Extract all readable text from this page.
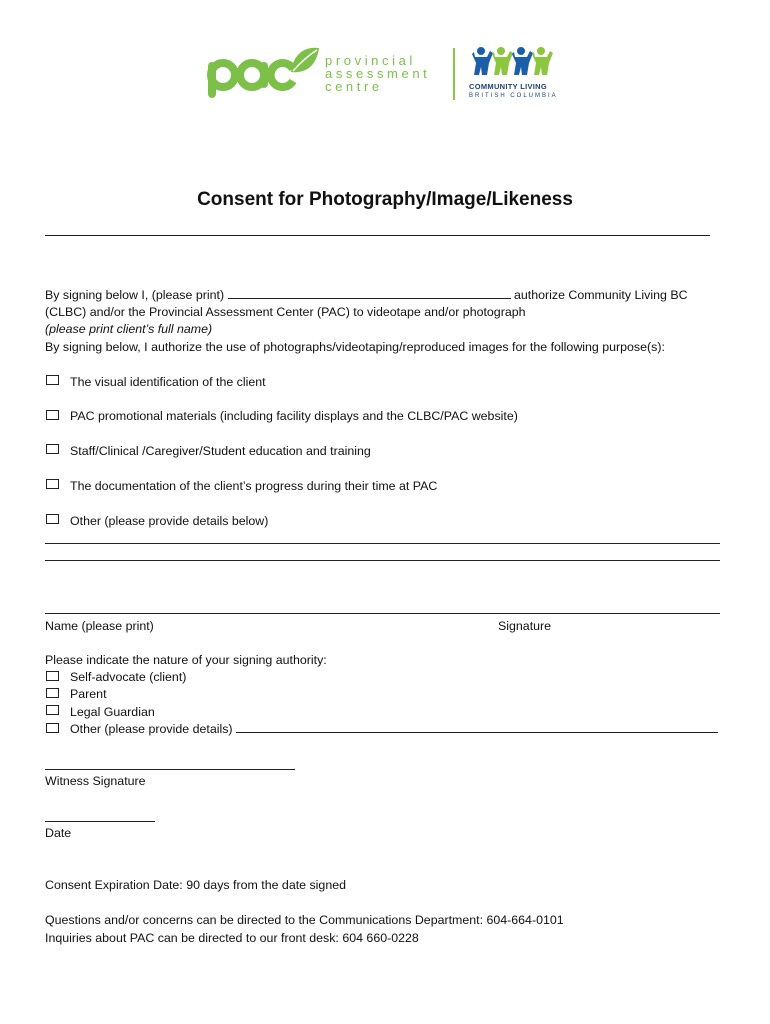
provincial
assessment
centre	COMMUNITY LIVING
BRITISH COLUMBIA
Consent for Photography/Image/Likeness
By signing below I, (please print)	authorize Community Living BC
(CLBC) and/or the Provincial Assessment Center (PAC) to videotape and/or photograph
(please print client’s full name)
By signing below, I authorize the use of photographs/videotaping/reproduced images for the following purpose(s):
The visual identification of the client
PAC promotional materials (including facility displays and the CLBC/PAC website)
Staff/Clinical /Caregiver/Student education and training
The documentation of the client’s progress during their time at PAC
Other (please provide details below)
Name (please print)	Signature
Please indicate the nature of your signing authority:
Self-advocate (client)
Parent
Legal Guardian
Other (please provide details)
Witness Signature
Date
Consent Expiration Date: 90 days from the date signed
Questions and/or concerns can be directed to the Communications Department: 604-664-0101
Inquiries about PAC can be directed to our front desk: 604 660-0228
